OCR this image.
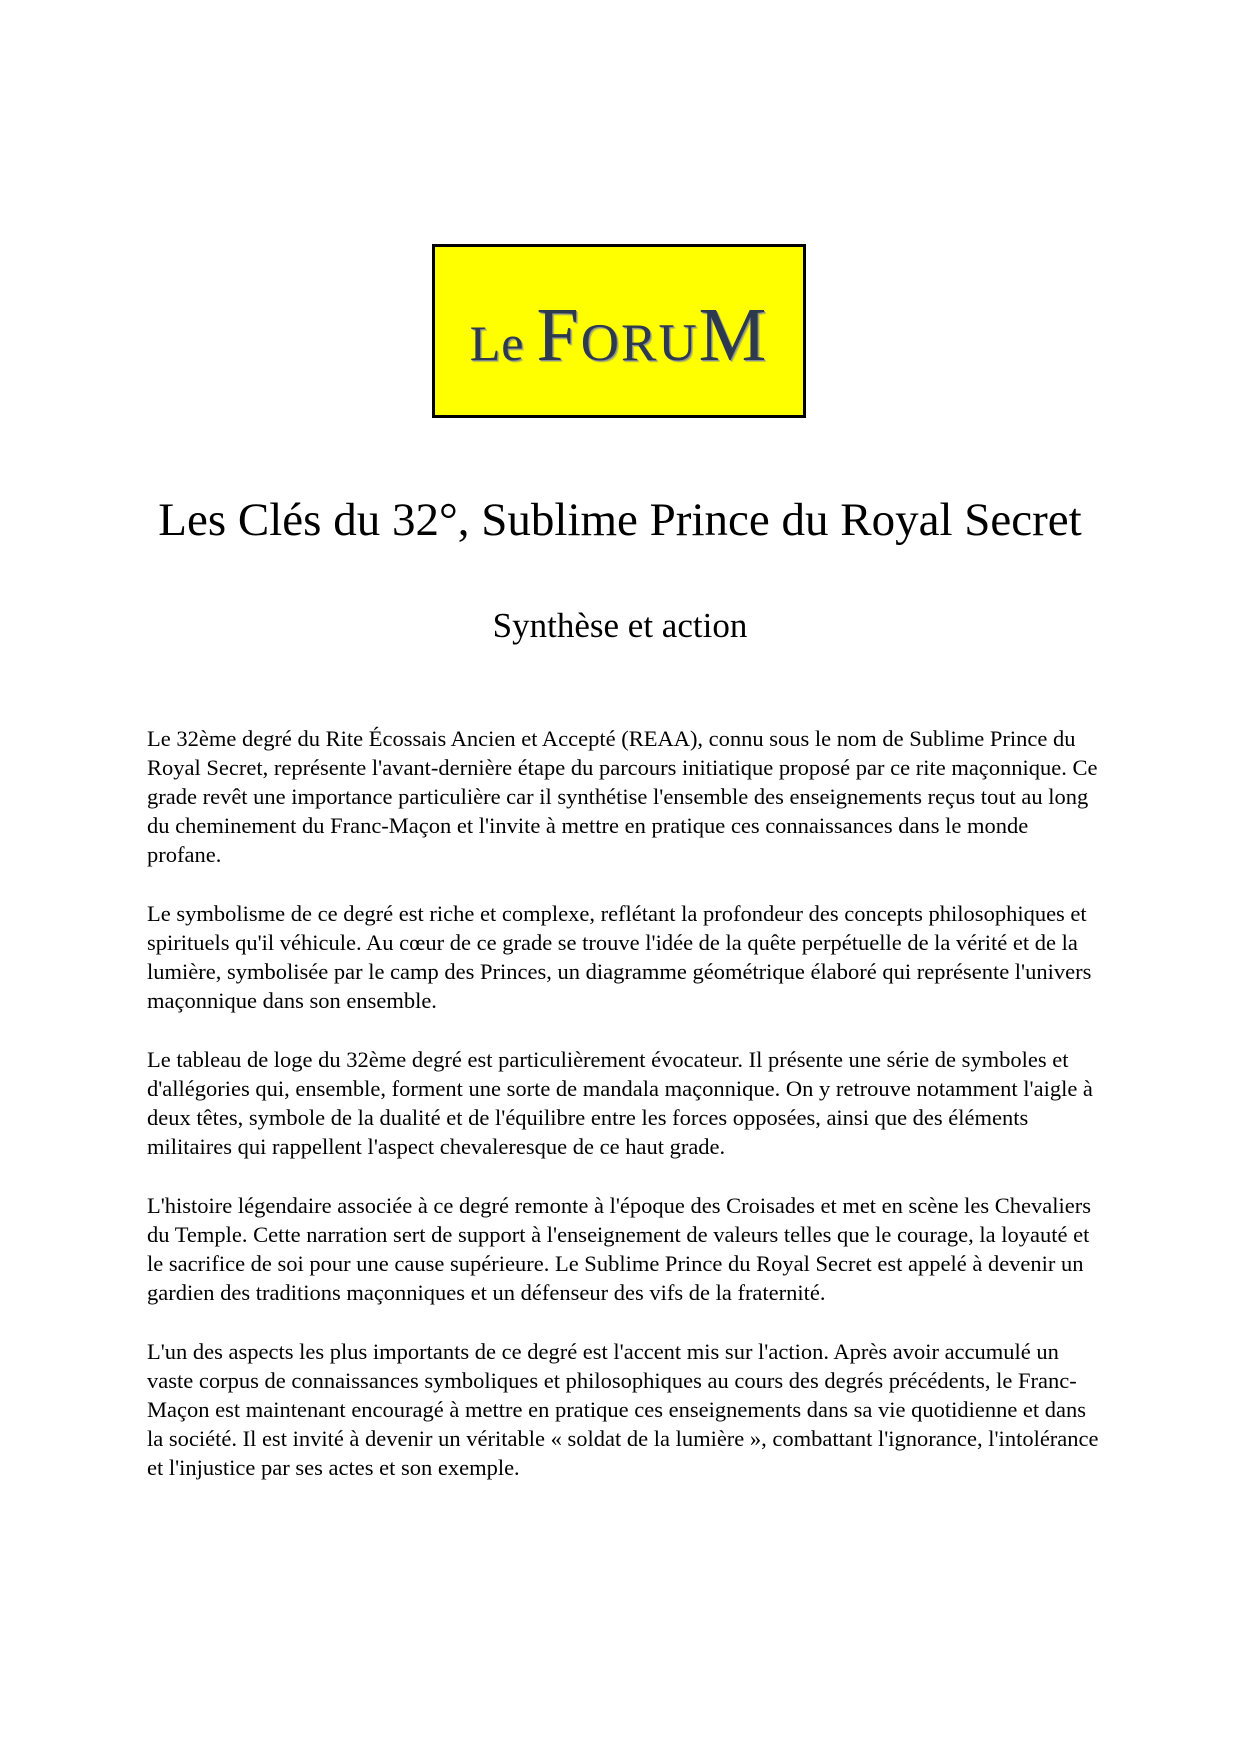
Le ForuM
Les Clés du 32°, Sublime Prince du Royal Secret
Synthèse et action

Le 32ème degré du Rite Écossais Ancien et Accepté (REAA), connu sous le nom de Sublime Prince du Royal Secret, représente l'avant-dernière étape du parcours initiatique proposé par ce rite maçonnique. Ce grade revêt une importance particulière car il synthétise l'ensemble des enseignements reçus tout au long du cheminement du Franc-Maçon et l'invite à mettre en pratique ces connaissances dans le monde profane.

Le symbolisme de ce degré est riche et complexe, reflétant la profondeur des concepts philosophiques et spirituels qu'il véhicule. Au cœur de ce grade se trouve l'idée de la quête perpétuelle de la vérité et de la lumière, symbolisée par le camp des Princes, un diagramme géométrique élaboré qui représente l'univers maçonnique dans son ensemble.

Le tableau de loge du 32ème degré est particulièrement évocateur. Il présente une série de symboles et d'allégories qui, ensemble, forment une sorte de mandala maçonnique. On y retrouve notamment l'aigle à deux têtes, symbole de la dualité et de l'équilibre entre les forces opposées, ainsi que des éléments militaires qui rappellent l'aspect chevaleresque de ce haut grade.

L'histoire légendaire associée à ce degré remonte à l'époque des Croisades et met en scène les Chevaliers du Temple. Cette narration sert de support à l'enseignement de valeurs telles que le courage, la loyauté et le sacrifice de soi pour une cause supérieure. Le Sublime Prince du Royal Secret est appelé à devenir un gardien des traditions maçonniques et un défenseur des vifs de la fraternité.

L'un des aspects les plus importants de ce degré est l'accent mis sur l'action. Après avoir accumulé un vaste corpus de connaissances symboliques et philosophiques au cours des degrés précédents, le Franc-Maçon est maintenant encouragé à mettre en pratique ces enseignements dans sa vie quotidienne et dans la société. Il est invité à devenir un véritable « soldat de la lumière », combattant l'ignorance, l'intolérance et l'injustice par ses actes et son exemple.
